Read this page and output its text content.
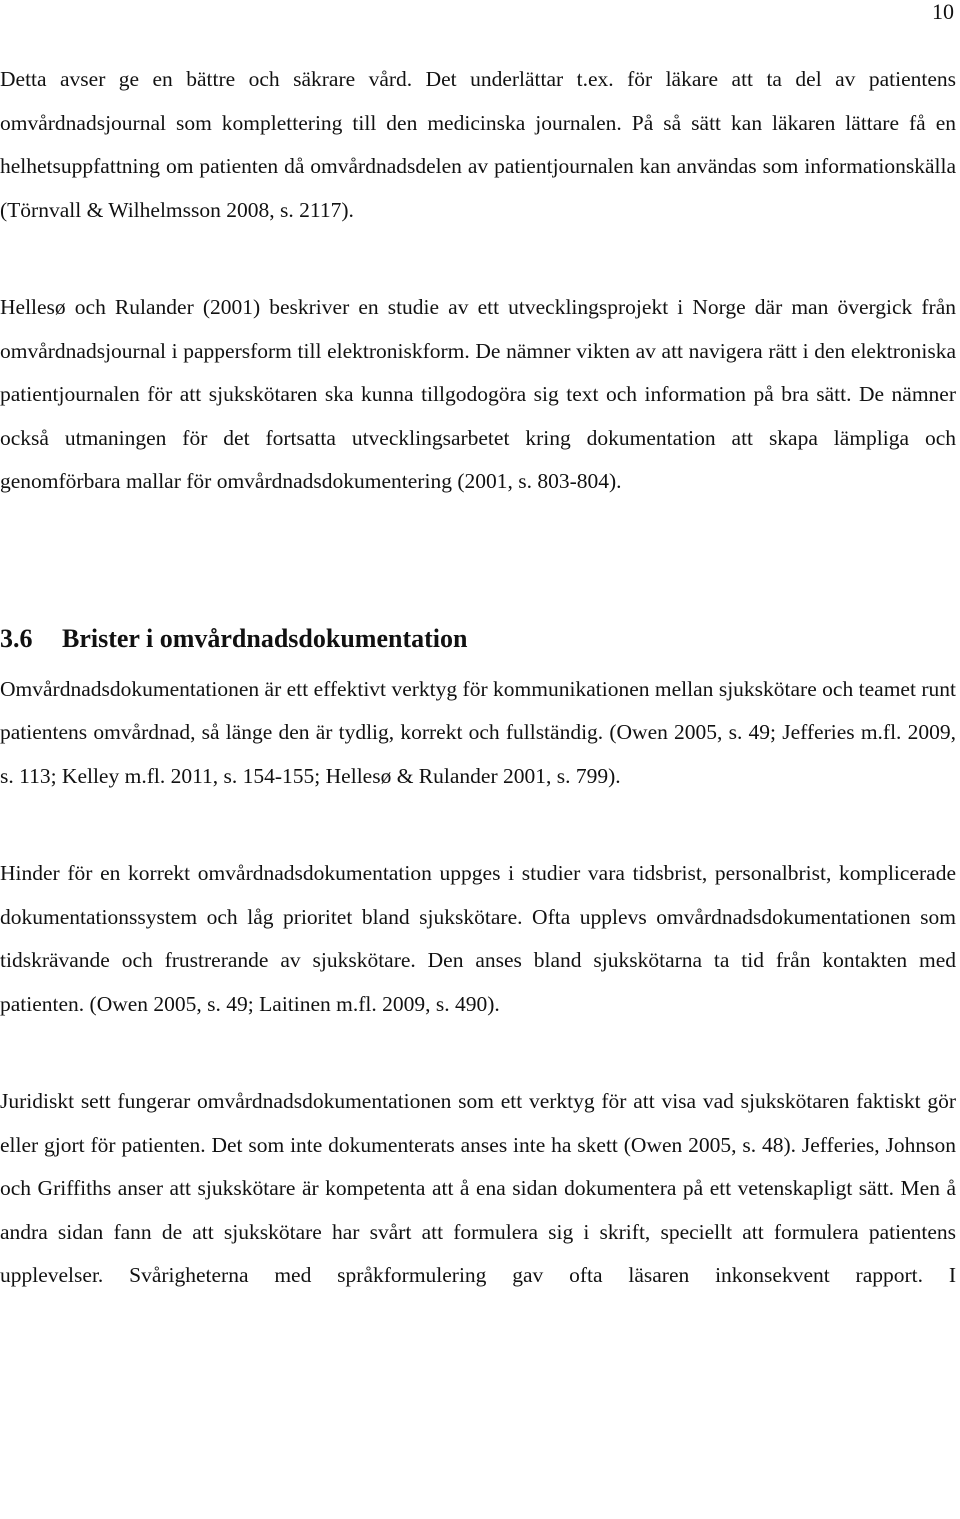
10

Detta avser ge en bättre och säkrare vård. Det underlättar t.ex. för läkare att ta del av patientens omvårdnadsjournal som komplettering till den medicinska journalen. På så sätt kan läkaren lättare få en helhetsuppfattning om patienten då omvårdnadsdelen av patientjournalen kan användas som informationskälla (Törnvall & Wilhelmsson 2008, s. 2117).

Hellesø och Rulander (2001) beskriver en studie av ett utvecklingsprojekt i Norge där man övergick från omvårdnadsjournal i pappersform till elektroniskform. De nämner vikten av att navigera rätt i den elektroniska patientjournalen för att sjukskötaren ska kunna tillgodogöra sig text och information på bra sätt. De nämner också utmaningen för det fortsatta utvecklingsarbetet kring dokumentation att skapa lämpliga och genomförbara mallar för omvårdnadsdokumentering (2001, s. 803-804).

3.6 Brister i omvårdnadsdokumentation

Omvårdnadsdokumentationen är ett effektivt verktyg för kommunikationen mellan sjukskötare och teamet runt patientens omvårdnad, så länge den är tydlig, korrekt och fullständig. (Owen 2005, s. 49; Jefferies m.fl. 2009, s. 113; Kelley m.fl. 2011, s. 154-155; Hellesø & Rulander 2001, s. 799).

Hinder för en korrekt omvårdnadsdokumentation uppges i studier vara tidsbrist, personalbrist, komplicerade dokumentationssystem och låg prioritet bland sjukskötare. Ofta upplevs omvårdnadsdokumentationen som tidskrävande och frustrerande av sjukskötare. Den anses bland sjukskötarna ta tid från kontakten med patienten. (Owen 2005, s. 49; Laitinen m.fl. 2009, s. 490).

Juridiskt sett fungerar omvårdnadsdokumentationen som ett verktyg för att visa vad sjukskötaren faktiskt gör eller gjort för patienten. Det som inte dokumenterats anses inte ha skett (Owen 2005, s. 48). Jefferies, Johnson och Griffiths anser att sjukskötare är kompetenta att å ena sidan dokumentera på ett vetenskapligt sätt. Men å andra sidan fann de att sjukskötare har svårt att formulera sig i skrift, speciellt att formulera patientens upplevelser. Svårigheterna med språkformulering gav ofta läsaren inkonsekvent rapport. I
